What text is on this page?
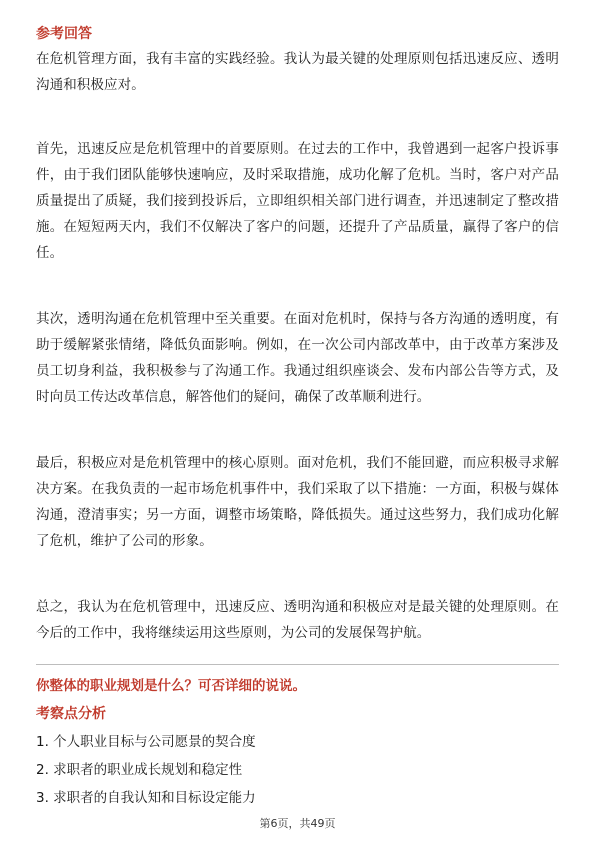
参考回答

在危机管理方面，我有丰富的实践经验。我认为最关键的处理原则包括迅速反应、透明沟通和积极应对。

首先，迅速反应是危机管理中的首要原则。在过去的工作中，我曾遇到一起客户投诉事件，由于我们团队能够快速响应，及时采取措施，成功化解了危机。当时，客户对产品质量提出了质疑，我们接到投诉后，立即组织相关部门进行调查，并迅速制定了整改措施。在短短两天内，我们不仅解决了客户的问题，还提升了产品质量，赢得了客户的信任。

其次，透明沟通在危机管理中至关重要。在面对危机时，保持与各方沟通的透明度，有助于缓解紧张情绪，降低负面影响。例如，在一次公司内部改革中，由于改革方案涉及员工切身利益，我积极参与了沟通工作。我通过组织座谈会、发布内部公告等方式，及时向员工传达改革信息，解答他们的疑问，确保了改革顺利进行。

最后，积极应对是危机管理中的核心原则。面对危机，我们不能回避，而应积极寻求解决方案。在我负责的一起市场危机事件中，我们采取了以下措施：一方面，积极与媒体沟通，澄清事实；另一方面，调整市场策略，降低损失。通过这些努力，我们成功化解了危机，维护了公司的形象。

总之，我认为在危机管理中，迅速反应、透明沟通和积极应对是最关键的处理原则。在今后的工作中，我将继续运用这些原则，为公司的发展保驾护航。

你整体的职业规划是什么？可否详细的说说。

考察点分析

1. 个人职业目标与公司愿景的契合度

2. 求职者的职业成长规划和稳定性

3. 求职者的自我认知和目标设定能力

第6页，共49页
